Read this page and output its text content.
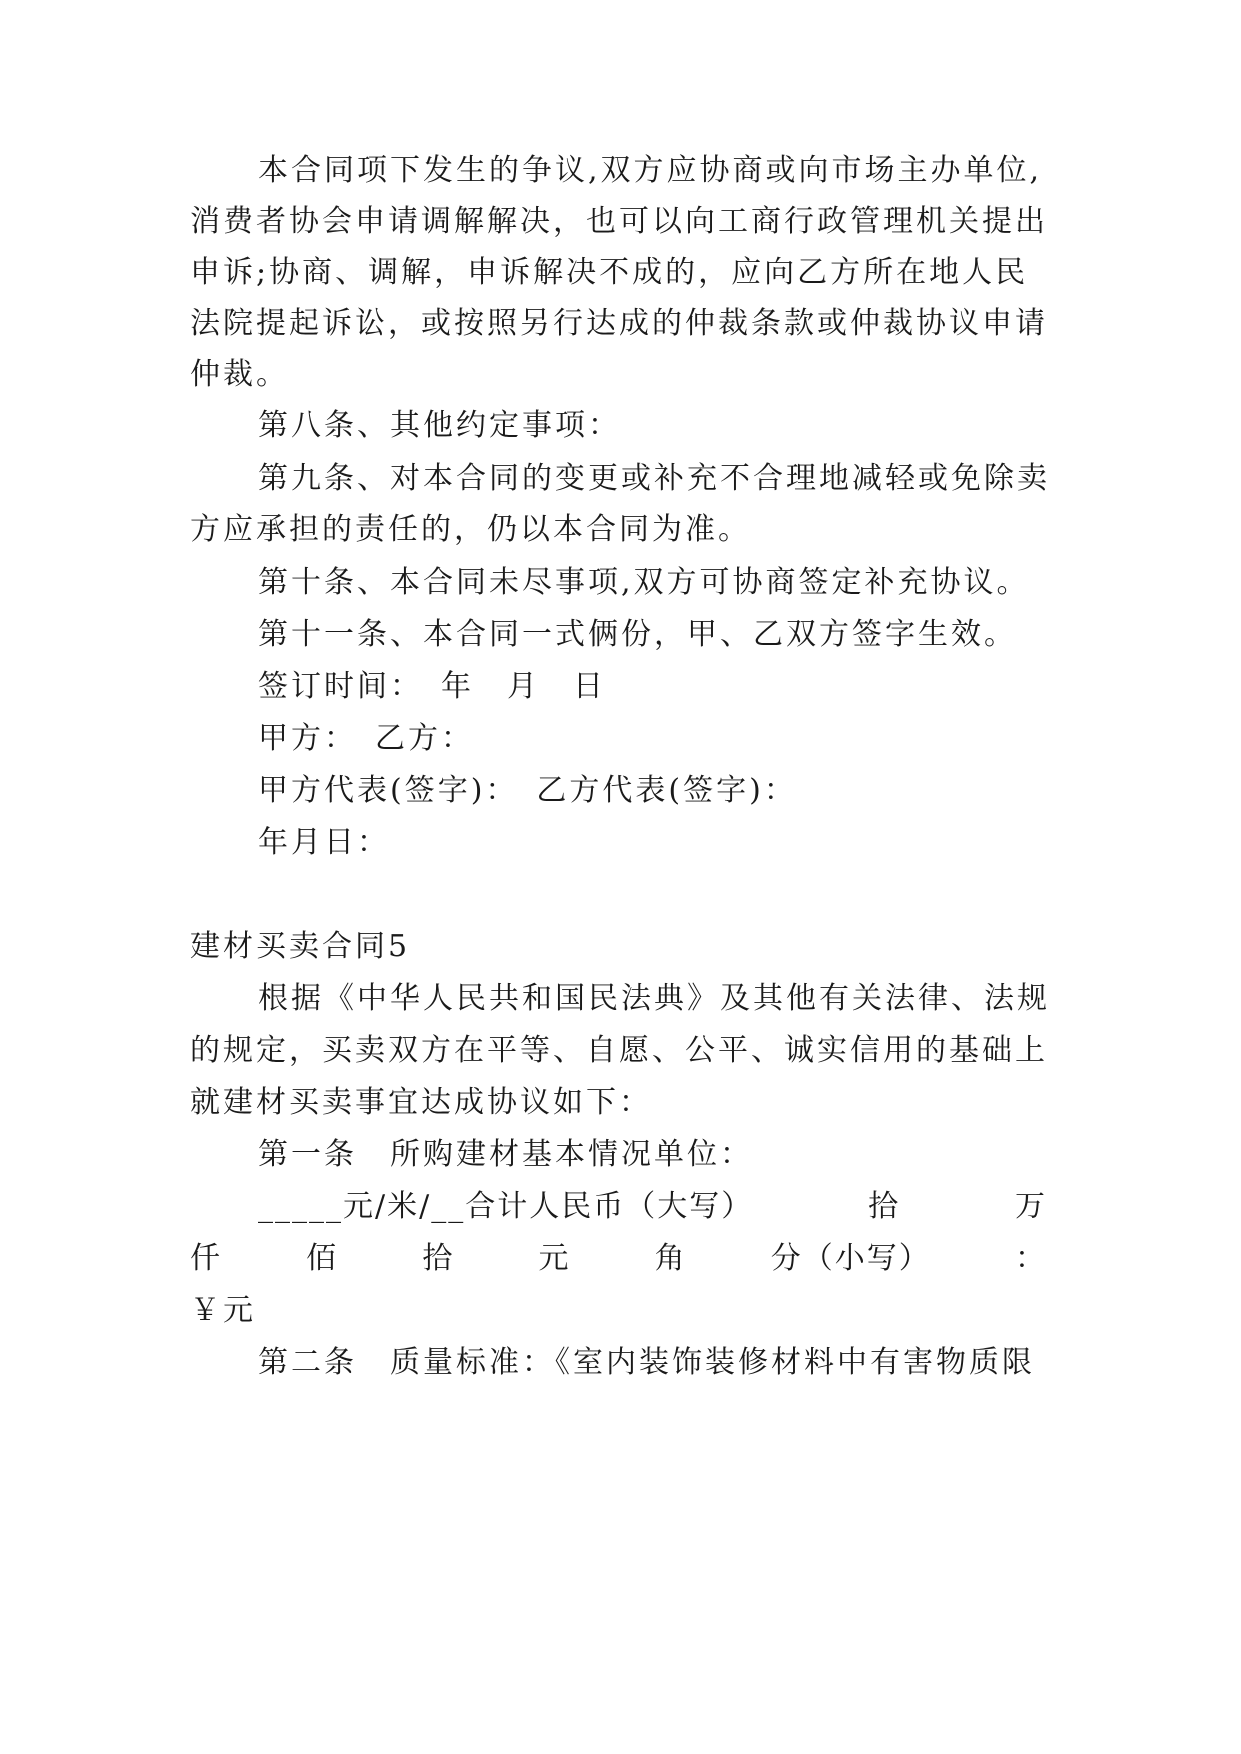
本合同项下发生的争议,双方应协商或向市场主办单位,
消费者协会申请调解解决，也可以向工商行政管理机关提出
申诉;协商、调解，申诉解决不成的，应向乙方所在地人民
法院提起诉讼，或按照另行达成的仲裁条款或仲裁协议申请
仲裁。
第八条、其他约定事项：
第九条、对本合同的变更或补充不合理地减轻或免除卖
方应承担的责任的，仍以本合同为准。
第十条、本合同未尽事项,双方可协商签定补充协议。
第十一条、本合同一式俩份，甲、乙双方签字生效。
签订时间：　年　月　日
甲方：　乙方：
甲方代表(签字)：　乙方代表(签字)：
年月日：
建材买卖合同5
根据《中华人民共和国民法典》及其他有关法律、法规
的规定，买卖双方在平等、自愿、公平、诚实信用的基础上
就建材买卖事宜达成协议如下：
第一条　所购建材基本情况单位：
_____元/米/__合计人民币（大写）	拾	万
仟	佰	拾	元	角	分（小写）	：
￥元
第二条　质量标准：《室内装饰装修材料中有害物质限
